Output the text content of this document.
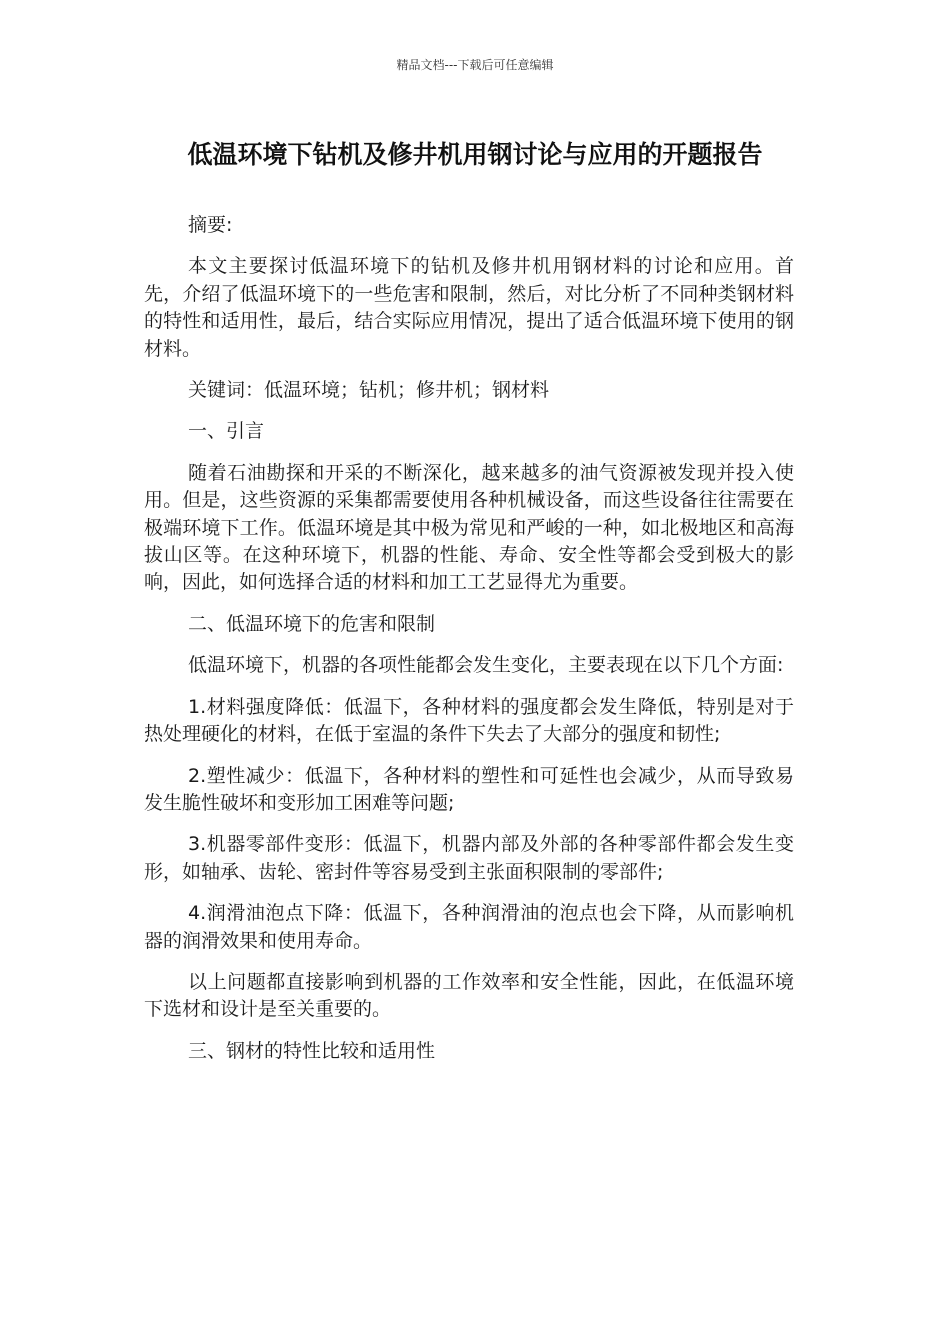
精品文档---下载后可任意编辑
低温环境下钻机及修井机用钢讨论与应用的开题报告

摘要:

本文主要探讨低温环境下的钻机及修井机用钢材料的讨论和应用。首先，介绍了低温环境下的一些危害和限制，然后，对比分析了不同种类钢材料的特性和适用性，最后，结合实际应用情况，提出了适合低温环境下使用的钢材料。

关键词：低温环境；钻机；修井机；钢材料

一、引言

随着石油勘探和开采的不断深化，越来越多的油气资源被发现并投入使用。但是，这些资源的采集都需要使用各种机械设备，而这些设备往往需要在极端环境下工作。低温环境是其中极为常见和严峻的一种，如北极地区和高海拔山区等。在这种环境下，机器的性能、寿命、安全性等都会受到极大的影响，因此，如何选择合适的材料和加工工艺显得尤为重要。

二、低温环境下的危害和限制

低温环境下，机器的各项性能都会发生变化，主要表现在以下几个方面:

1.材料强度降低：低温下，各种材料的强度都会发生降低，特别是对于热处理硬化的材料，在低于室温的条件下失去了大部分的强度和韧性;

2.塑性减少：低温下，各种材料的塑性和可延性也会减少，从而导致易发生脆性破坏和变形加工困难等问题;

3.机器零部件变形：低温下，机器内部及外部的各种零部件都会发生变形，如轴承、齿轮、密封件等容易受到主张面积限制的零部件;

4.润滑油泡点下降：低温下，各种润滑油的泡点也会下降，从而影响机器的润滑效果和使用寿命。

以上问题都直接影响到机器的工作效率和安全性能，因此，在低温环境下选材和设计是至关重要的。

三、钢材的特性比较和适用性
